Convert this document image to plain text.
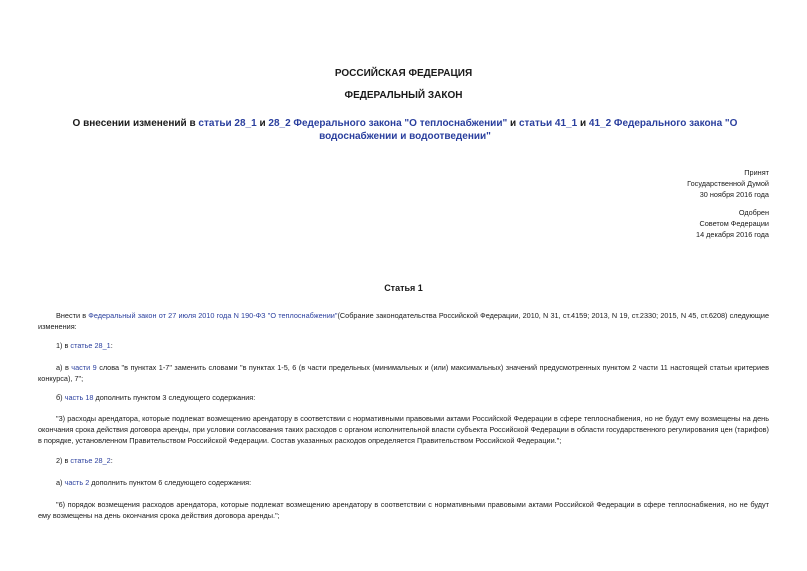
РОССИЙСКАЯ ФЕДЕРАЦИЯ
ФЕДЕРАЛЬНЫЙ ЗАКОН
О внесении изменений в статьи 28_1 и 28_2 Федерального закона "О теплоснабжении" и статьи 41_1 и 41_2 Федерального закона "О водоснабжении и водоотведении"
Принят
Государственной Думой
30 ноября 2016 года
Одобрен
Советом Федерации
14 декабря 2016 года
Статья 1
Внести в Федеральный закон от 27 июля 2010 года N 190-ФЗ "О теплоснабжении"(Собрание законодательства Российской Федерации, 2010, N 31, ст.4159; 2013, N 19, ст.2330; 2015, N 45, ст.6208) следующие изменения:
1) в статье 28_1:
а) в части 9 слова "в пунктах 1-7" заменить словами "в пунктах 1-5, 6 (в части предельных (минимальных и (или) максимальных) значений предусмотренных пунктом 2 части 11 настоящей статьи критериев конкурса), 7";
б) часть 18 дополнить пунктом 3 следующего содержания:
"3) расходы арендатора, которые подлежат возмещению арендатору в соответствии с нормативными правовыми актами Российской Федерации в сфере теплоснабжения, но не будут ему возмещены на день окончания срока действия договора аренды, при условии согласования таких расходов с органом исполнительной власти субъекта Российской Федерации в области государственного регулирования цен (тарифов) в порядке, установленном Правительством Российской Федерации. Состав указанных расходов определяется Правительством Российской Федерации.";
2) в статье 28_2:
а) часть 2 дополнить пунктом 6 следующего содержания:
"6) порядок возмещения расходов арендатора, которые подлежат возмещению арендатору в соответствии с нормативными правовыми актами Российской Федерации в сфере теплоснабжения, но не будут ему возмещены на день окончания срока действия договора аренды.";
